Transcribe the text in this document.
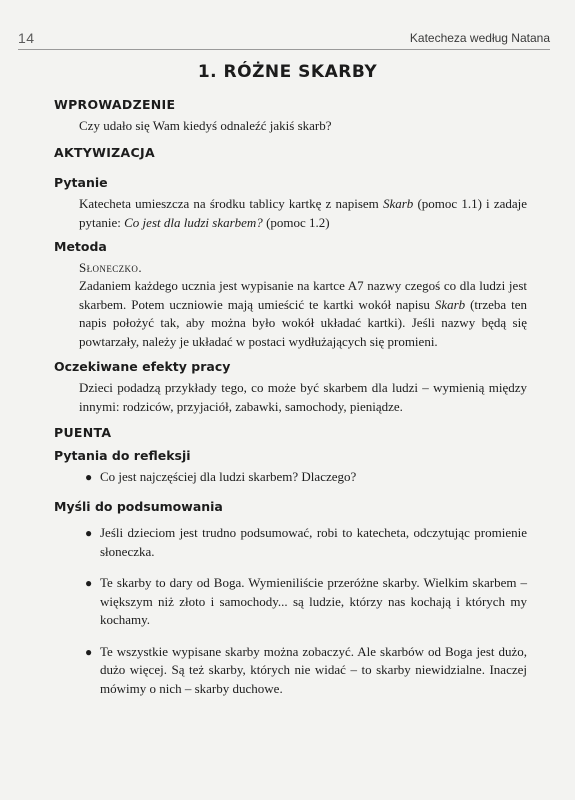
14	Katecheza według Natana
1. RÓŻNE SKARBY
WPROWADZENIE
Czy udało się Wam kiedyś odnaleźć jakiś skarb?
AKTYWIZACJA
Pytanie
Katecheta umieszcza na środku tablicy kartkę z napisem Skarb (pomoc 1.1) i zadaje pytanie: Co jest dla ludzi skarbem? (pomoc 1.2)
Metoda
Słoneczko.
Zadaniem każdego ucznia jest wypisanie na kartce A7 nazwy czegoś co dla ludzi jest skarbem. Potem uczniowie mają umieścić te kartki wokół napisu Skarb (trzeba ten napis położyć tak, aby można było wokół układać kartki). Jeśli nazwy będą się powtarzały, należy je układać w postaci wydłużających się promieni.
Oczekiwane efekty pracy
Dzieci podadzą przykłady tego, co może być skarbem dla ludzi – wymienią między innymi: rodziców, przyjaciół, zabawki, samochody, pieniądze.
PUENTA
Pytania do refleksji
● Co jest najczęściej dla ludzi skarbem? Dlaczego?
Myśli do podsumowania
● Jeśli dzieciom jest trudno podsumować, robi to katecheta, odczytując promienie słoneczka.
● Te skarby to dary od Boga. Wymieniliście przeróżne skarby. Wielkim skarbem – większym niż złoto i samochody... są ludzie, którzy nas kochają i których my kochamy.
● Te wszystkie wypisane skarby można zobaczyć. Ale skarbów od Boga jest dużo, dużo więcej. Są też skarby, których nie widać – to skarby niewidzialne. Inaczej mówimy o nich – skarby duchowe.
